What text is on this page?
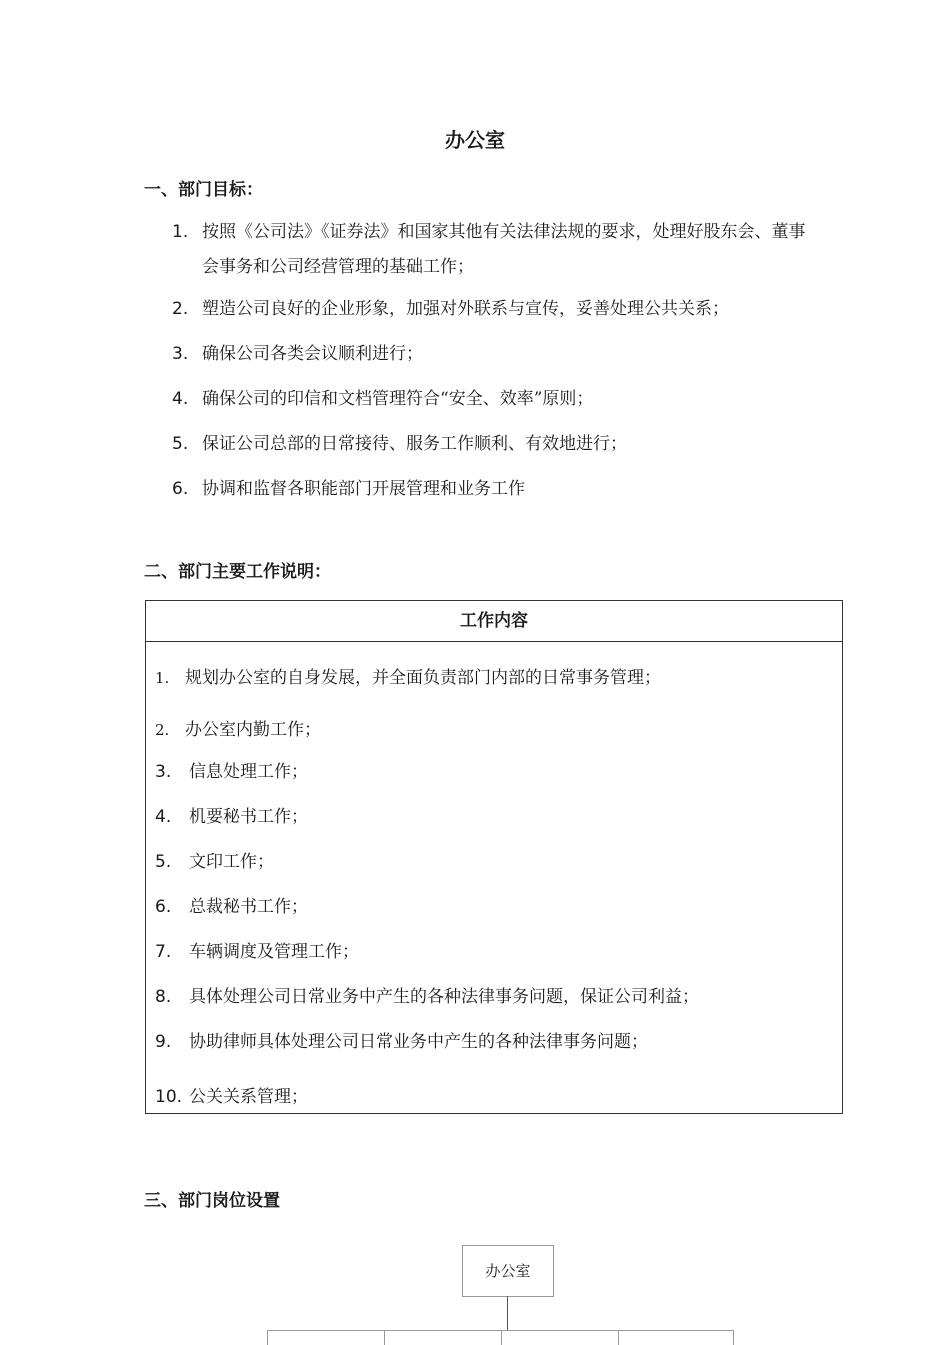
办公室
一、部门目标：
1. 按照《公司法》《证券法》和国家其他有关法律法规的要求，处理好股东会、董事会事务和公司经营管理的基础工作；
2. 塑造公司良好的企业形象，加强对外联系与宣传，妥善处理公共关系；
3. 确保公司各类会议顺利进行；
4. 确保公司的印信和文档管理符合“安全、效率”原则；
5. 保证公司总部的日常接待、服务工作顺利、有效地进行；
6. 协调和监督各职能部门开展管理和业务工作
二、部门主要工作说明：
工作内容
1. 规划办公室的自身发展，并全面负责部门内部的日常事务管理；
2. 办公室内勤工作；
3. 信息处理工作；
4. 机要秘书工作；
5. 文印工作；
6. 总裁秘书工作；
7. 车辆调度及管理工作；
8. 具体处理公司日常业务中产生的各种法律事务问题，保证公司利益；
9. 协助律师具体处理公司日常业务中产生的各种法律事务问题；
10. 公关关系管理；
三、部门岗位设置
办公室
